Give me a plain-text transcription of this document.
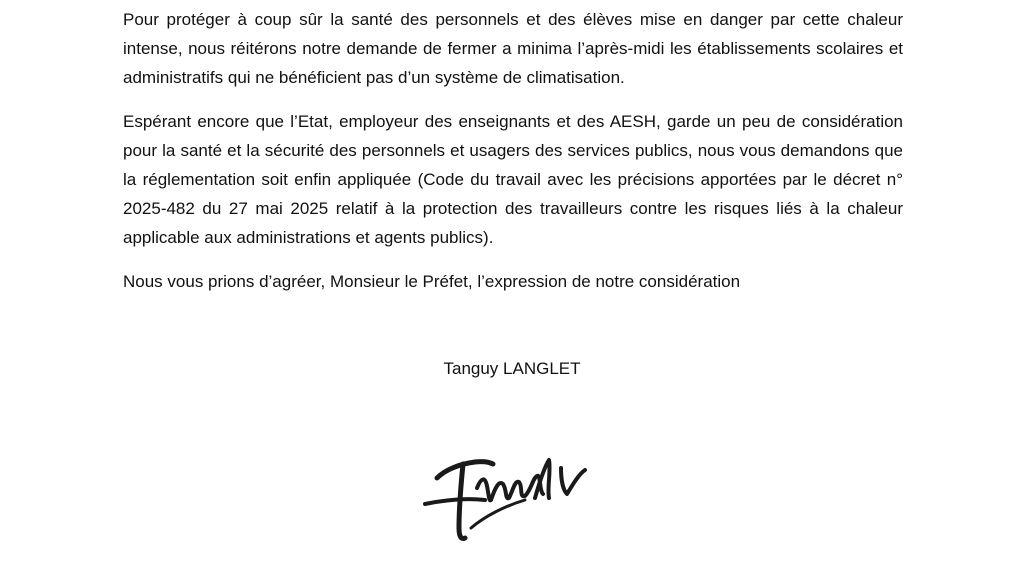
Pour protéger à coup sûr la santé des personnels et des élèves mise en danger par cette chaleur intense, nous réitérons notre demande de fermer a minima l’après-midi les établissements scolaires et administratifs qui ne bénéficient pas d’un système de climatisation.

Espérant encore que l’Etat, employeur des enseignants et des AESH, garde un peu de considération pour la santé et la sécurité des personnels et usagers des services publics, nous vous demandons que la réglementation soit enfin appliquée (Code du travail avec les précisions apportées par le décret n° 2025-482 du 27 mai 2025 relatif à la protection des travailleurs contre les risques liés à la chaleur applicable aux administrations et agents publics).

Nous vous prions d’agréer, Monsieur le Préfet, l’expression de notre considération

Tanguy LANGLET
